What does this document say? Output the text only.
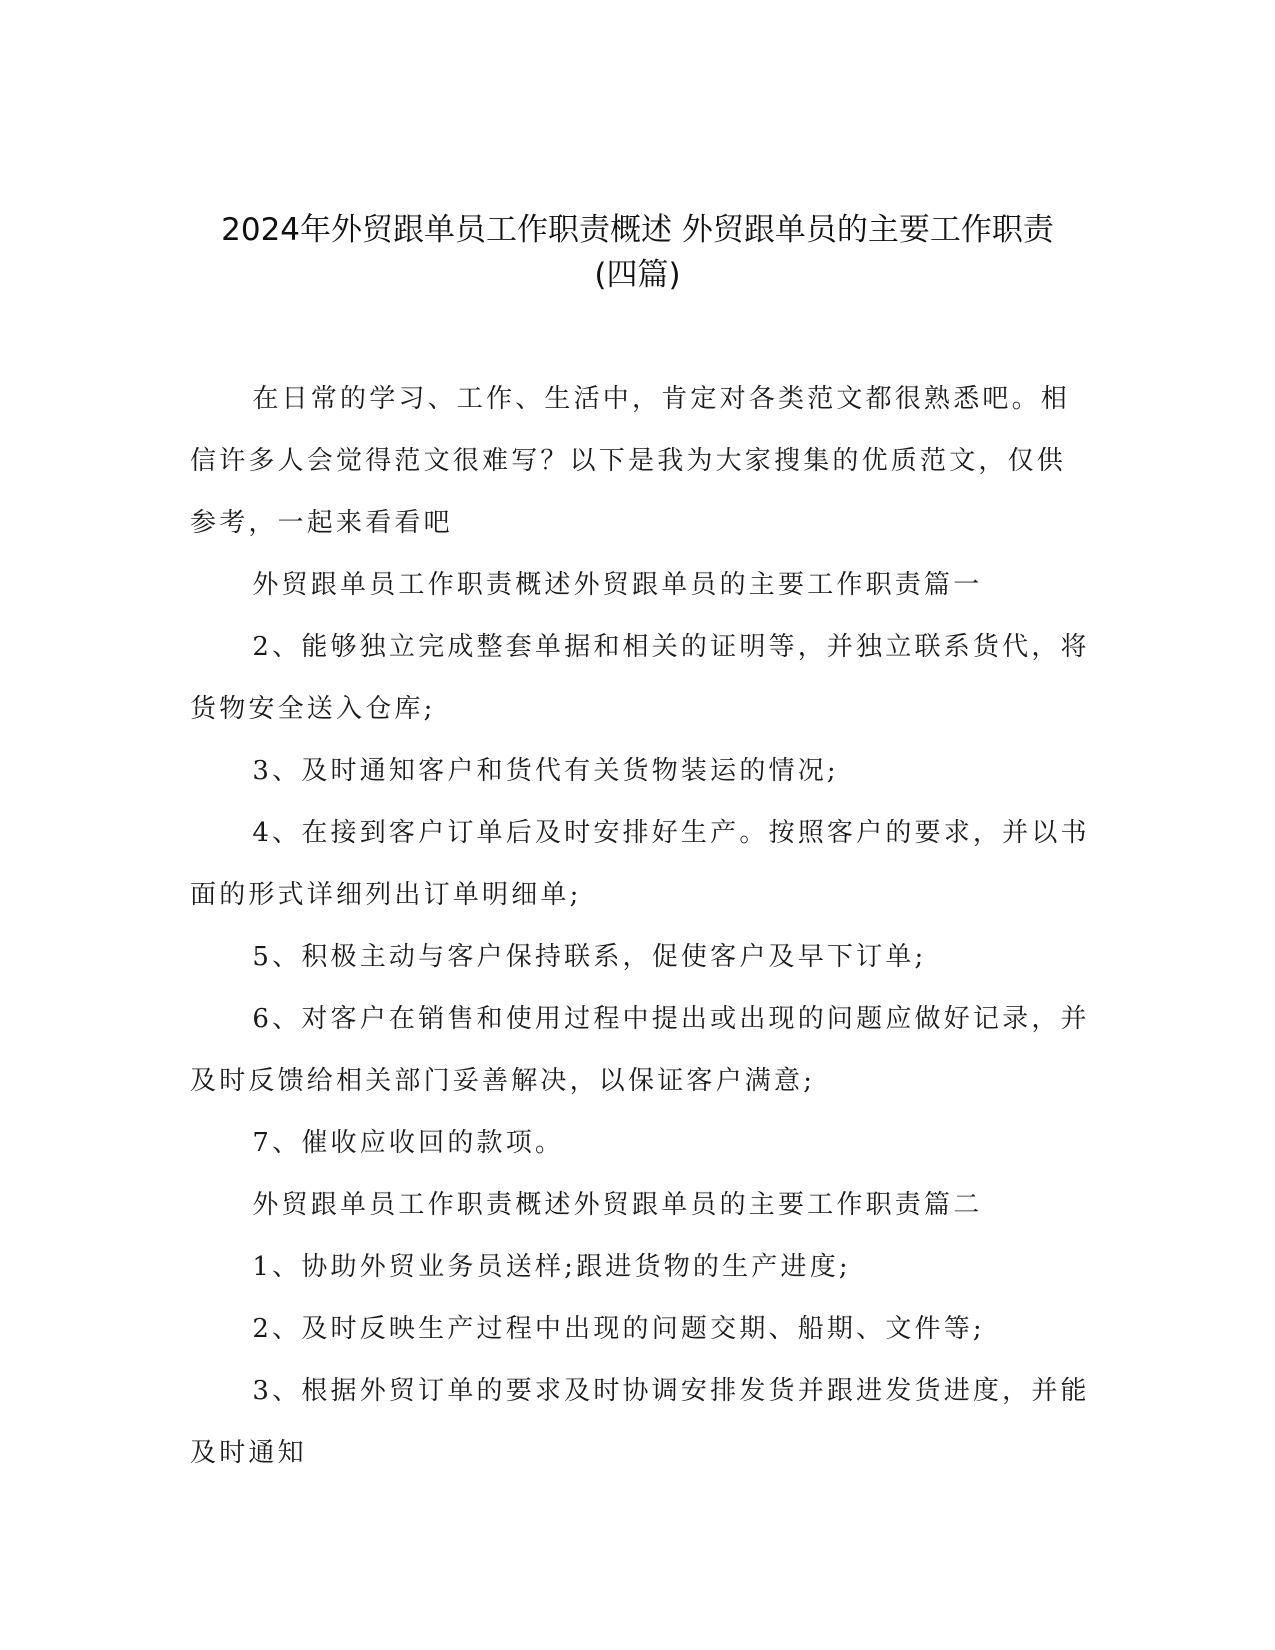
2024年外贸跟单员工作职责概述 外贸跟单员的主要工作职责
(四篇)

在日常的学习、工作、生活中，肯定对各类范文都很熟悉吧。相信许多人会觉得范文很难写？以下是我为大家搜集的优质范文，仅供参考，一起来看看吧

外贸跟单员工作职责概述外贸跟单员的主要工作职责篇一

2、能够独立完成整套单据和相关的证明等，并独立联系货代，将货物安全送入仓库;

3、及时通知客户和货代有关货物装运的情况;

4、在接到客户订单后及时安排好生产。按照客户的要求，并以书面的形式详细列出订单明细单;

5、积极主动与客户保持联系，促使客户及早下订单;

6、对客户在销售和使用过程中提出或出现的问题应做好记录，并及时反馈给相关部门妥善解决，以保证客户满意;

7、催收应收回的款项。

外贸跟单员工作职责概述外贸跟单员的主要工作职责篇二

1、协助外贸业务员送样;跟进货物的生产进度;

2、及时反映生产过程中出现的问题交期、船期、文件等;

3、根据外贸订单的要求及时协调安排发货并跟进发货进度，并能及时通知
